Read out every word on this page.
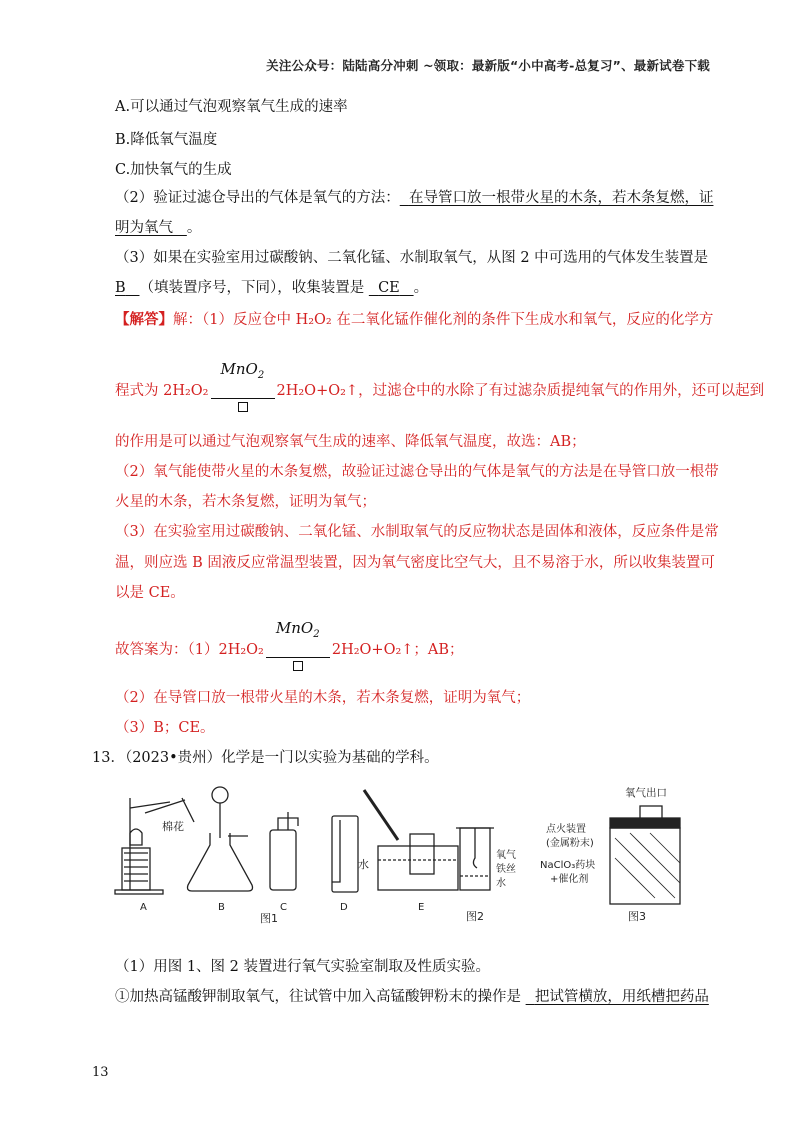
关注公众号：陆陆高分冲刺 ~领取：最新版“小中高考-总复习”、最新试卷下载
A.可以通过气泡观察氧气生成的速率
B.降低氧气温度
C.加快氧气的生成
（2）验证过滤仓导出的气体是氧气的方法： 在导管口放一根带火星的木条，若木条复燃，证
明为氧气 。
（3）如果在实验室用过碳酸钠、二氧化锰、水制取氧气，从图 2 中可选用的气体发生装置是
B （填装置序号，下同），收集装置是 CE 。
【解答】解：（1）反应仓中 H₂O₂ 在二氧化锰作催化剂的条件下生成水和氧气，反应的化学方
程式为 2H₂O₂
MnO$_2$
2H₂O+O₂↑，过滤仓中的水除了有过滤杂质提纯氧气的作用外，还可以起到
的作用是可以通过气泡观察氧气生成的速率、降低氧气温度，故选：AB；
（2）氧气能使带火星的木条复燃，故验证过滤仓导出的气体是氧气的方法是在导管口放一根带
火星的木条，若木条复燃，证明为氧气；
（3）在实验室用过碳酸钠、二氧化锰、水制取氧气的反应物状态是固体和液体，反应条件是常
温，则应选 B 固液反应常温型装置，因为氧气密度比空气大，且不易溶于水，所以收集装置可
以是 CE。
故答案为：（1）2H₂O₂
MnO$_2$
2H₂O+O₂↑；AB；
（2）在导管口放一根带火星的木条，若木条复燃，证明为氧气；
（3）B；CE。
13．（2023•贵州）化学是一门以实验为基础的学科。
棉花
A	B	C	D
水
E
图1
氧气
铁丝
水
图2
氧气出口
点火装置
(金属粉末)
NaClO₃药块
+催化剂
图3
（1）用图 1、图 2 装置进行氧气实验室制取及性质实验。
①加热高锰酸钾制取氧气，往试管中加入高锰酸钾粉末的操作是 把试管横放，用纸槽把药品
13
